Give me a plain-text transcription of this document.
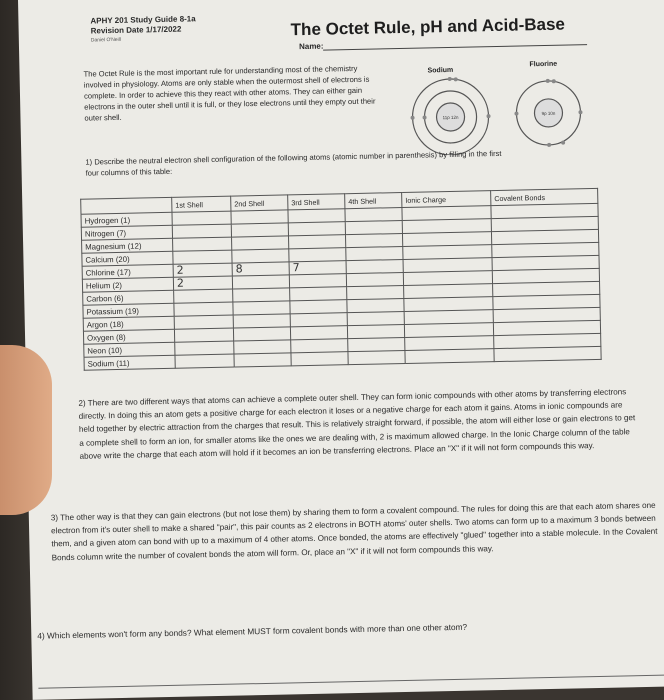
APHY 201 Study Guide 8-1a
Revision Date 1/17/2022
Daniel O'Neill
The Octet Rule, pH and Acid-Base
Name:
The Octet Rule is the most important rule for understanding most of the chemistry involved in physiology. Atoms are only stable when the outermost shell of electrons is complete. In order to achieve this they react with other atoms. They can either gain electrons in the outer shell until it is full, or they lose electrons until they empty out their outer shell.
Sodium
Fluorine
11p 12n
9p 10n
1) Describe the neutral electron shell configuration of the following atoms (atomic number in parenthesis) by filling in the first four columns of this table:
	1st Shell	2nd Shell	3rd Shell	4th Shell	Ionic Charge	Covalent Bonds
Hydrogen (1)						
Nitrogen (7)						
Magnesium (12)						
Calcium (20)						
Chlorine (17)	2	8	7			
Helium (2)	2					
Carbon (6)						
Potassium (19)						
Argon (18)						
Oxygen (8)						
Neon (10)						
Sodium (11)						
2) There are two different ways that atoms can achieve a complete outer shell. They can form ionic compounds with other atoms by transferring electrons directly. In doing this an atom gets a positive charge for each electron it loses or a negative charge for each atom it gains. Atoms in ionic compounds are held together by electric attraction from the charges that result. This is relatively straight forward, if possible, the atom will either lose or gain electrons to get a complete shell to form an ion, for smaller atoms like the ones we are dealing with, 2 is maximum allowed charge. In the Ionic Charge column of the table above write the charge that each atom will hold if it becomes an ion be transferring electrons. Place an "X" if it will not form compounds this way.
3) The other way is that they can gain electrons (but not lose them) by sharing them to form a covalent compound. The rules for doing this are that each atom shares one electron from it's outer shell to make a shared "pair", this pair counts as 2 electrons in BOTH atoms' outer shells. Two atoms can form up to a maximum 3 bonds between them, and a given atom can bond with up to a maximum of 4 other atoms. Once bonded, the atoms are effectively "glued" together into a stable molecule. In the Covalent Bonds column write the number of covalent bonds the atom will form. Or, place an "X" if it will not form compounds this way.
4) Which elements won't form any bonds? What element MUST form covalent bonds with more than one other atom?
